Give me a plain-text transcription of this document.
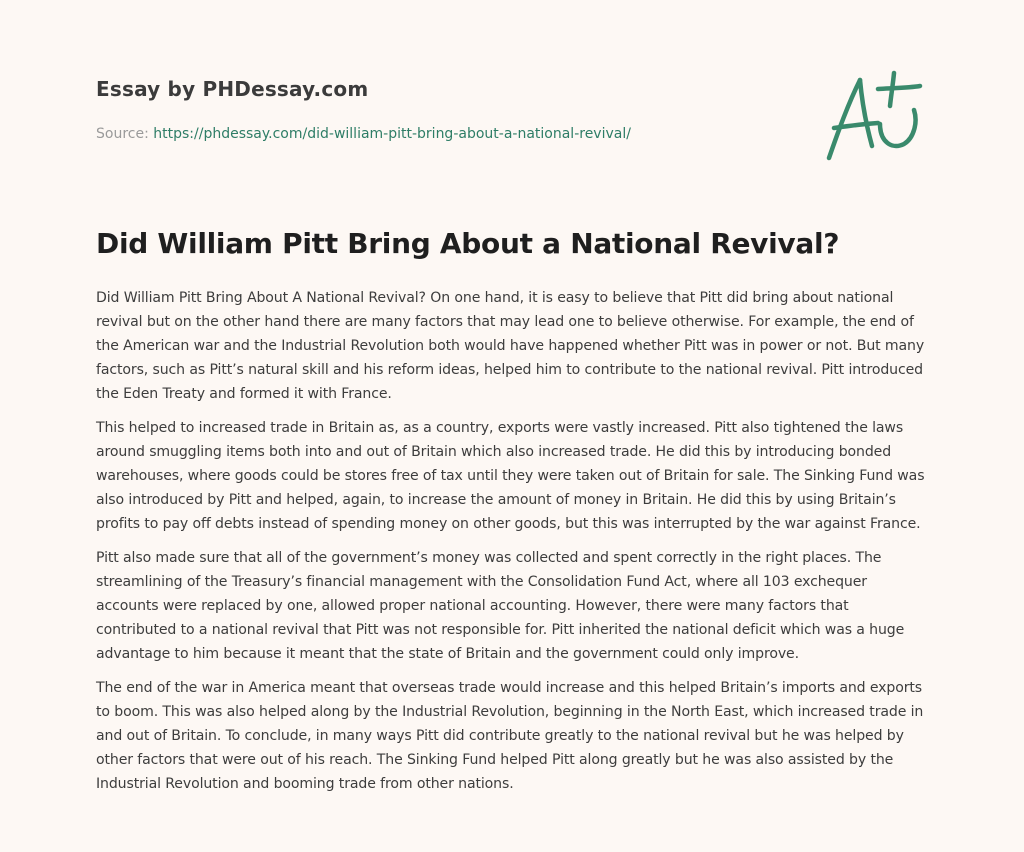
Essay by PHDessay.com
Source: https://phdessay.com/did-william-pitt-bring-about-a-national-revival/
Did William Pitt Bring About a National Revival?

Did William Pitt Bring About A National Revival? On one hand, it is easy to believe that Pitt did bring about national revival but on the other hand there are many factors that may lead one to believe otherwise. For example, the end of the American war and the Industrial Revolution both would have happened whether Pitt was in power or not. But many factors, such as Pitt’s natural skill and his reform ideas, helped him to contribute to the national revival. Pitt introduced the Eden Treaty and formed it with France.

This helped to increased trade in Britain as, as a country, exports were vastly increased. Pitt also tightened the laws around smuggling items both into and out of Britain which also increased trade. He did this by introducing bonded warehouses, where goods could be stores free of tax until they were taken out of Britain for sale. The Sinking Fund was also introduced by Pitt and helped, again, to increase the amount of money in Britain. He did this by using Britain’s profits to pay off debts instead of spending money on other goods, but this was interrupted by the war against France.

Pitt also made sure that all of the government’s money was collected and spent correctly in the right places. The streamlining of the Treasury’s financial management with the Consolidation Fund Act, where all 103 exchequer accounts were replaced by one, allowed proper national accounting. However, there were many factors that contributed to a national revival that Pitt was not responsible for. Pitt inherited the national deficit which was a huge advantage to him because it meant that the state of Britain and the government could only improve.

The end of the war in America meant that overseas trade would increase and this helped Britain’s imports and exports to boom. This was also helped along by the Industrial Revolution, beginning in the North East, which increased trade in and out of Britain. To conclude, in many ways Pitt did contribute greatly to the national revival but he was helped by other factors that were out of his reach. The Sinking Fund helped Pitt along greatly but he was also assisted by the Industrial Revolution and booming trade from other nations.
